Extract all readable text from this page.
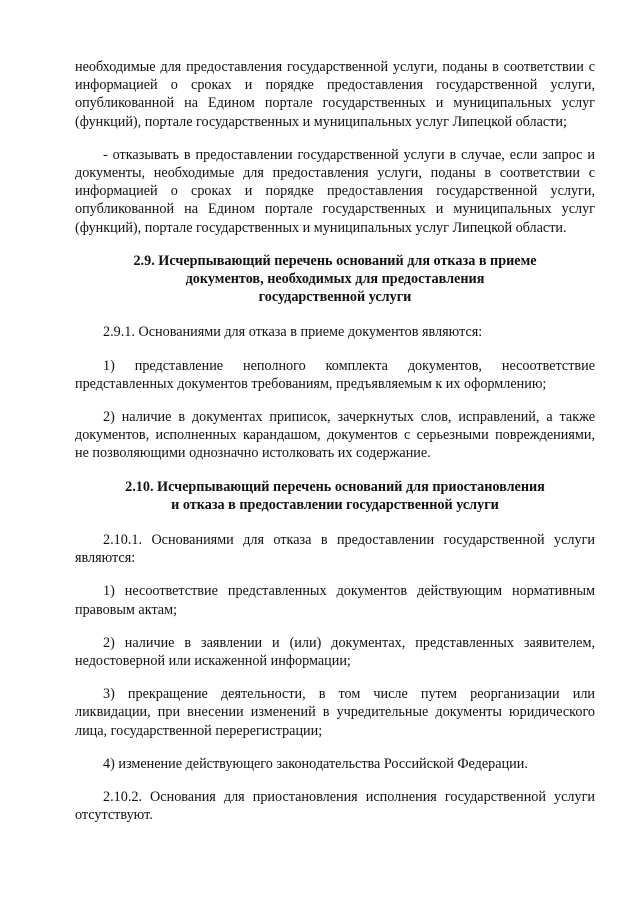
необходимые для предоставления государственной услуги, поданы в соответствии с информацией о сроках и порядке предоставления государственной услуги, опубликованной на Едином портале государственных и муниципальных услуг (функций), портале государственных и муниципальных услуг Липецкой области;

- отказывать в предоставлении государственной услуги в случае, если запрос и документы, необходимые для предоставления услуги, поданы в соответствии с информацией о сроках и порядке предоставления государственной услуги, опубликованной на Едином портале государственных и муниципальных услуг (функций), портале государственных и муниципальных услуг Липецкой области.

2.9. Исчерпывающий перечень оснований для отказа в приеме
документов, необходимых для предоставления
государственной услуги

2.9.1. Основаниями для отказа в приеме документов являются:

1) представление неполного комплекта документов, несоответствие представленных документов требованиям, предъявляемым к их оформлению;

2) наличие в документах приписок, зачеркнутых слов, исправлений, а также документов, исполненных карандашом, документов с серьезными повреждениями, не позволяющими однозначно истолковать их содержание.

2.10. Исчерпывающий перечень оснований для приостановления
и отказа в предоставлении государственной услуги

2.10.1. Основаниями для отказа в предоставлении государственной услуги являются:

1) несоответствие представленных документов действующим нормативным правовым актам;

2) наличие в заявлении и (или) документах, представленных заявителем, недостоверной или искаженной информации;

3) прекращение деятельности, в том числе путем реорганизации или ликвидации, при внесении изменений в учредительные документы юридического лица, государственной перерегистрации;

4) изменение действующего законодательства Российской Федерации.

2.10.2. Основания для приостановления исполнения государственной услуги отсутствуют.
